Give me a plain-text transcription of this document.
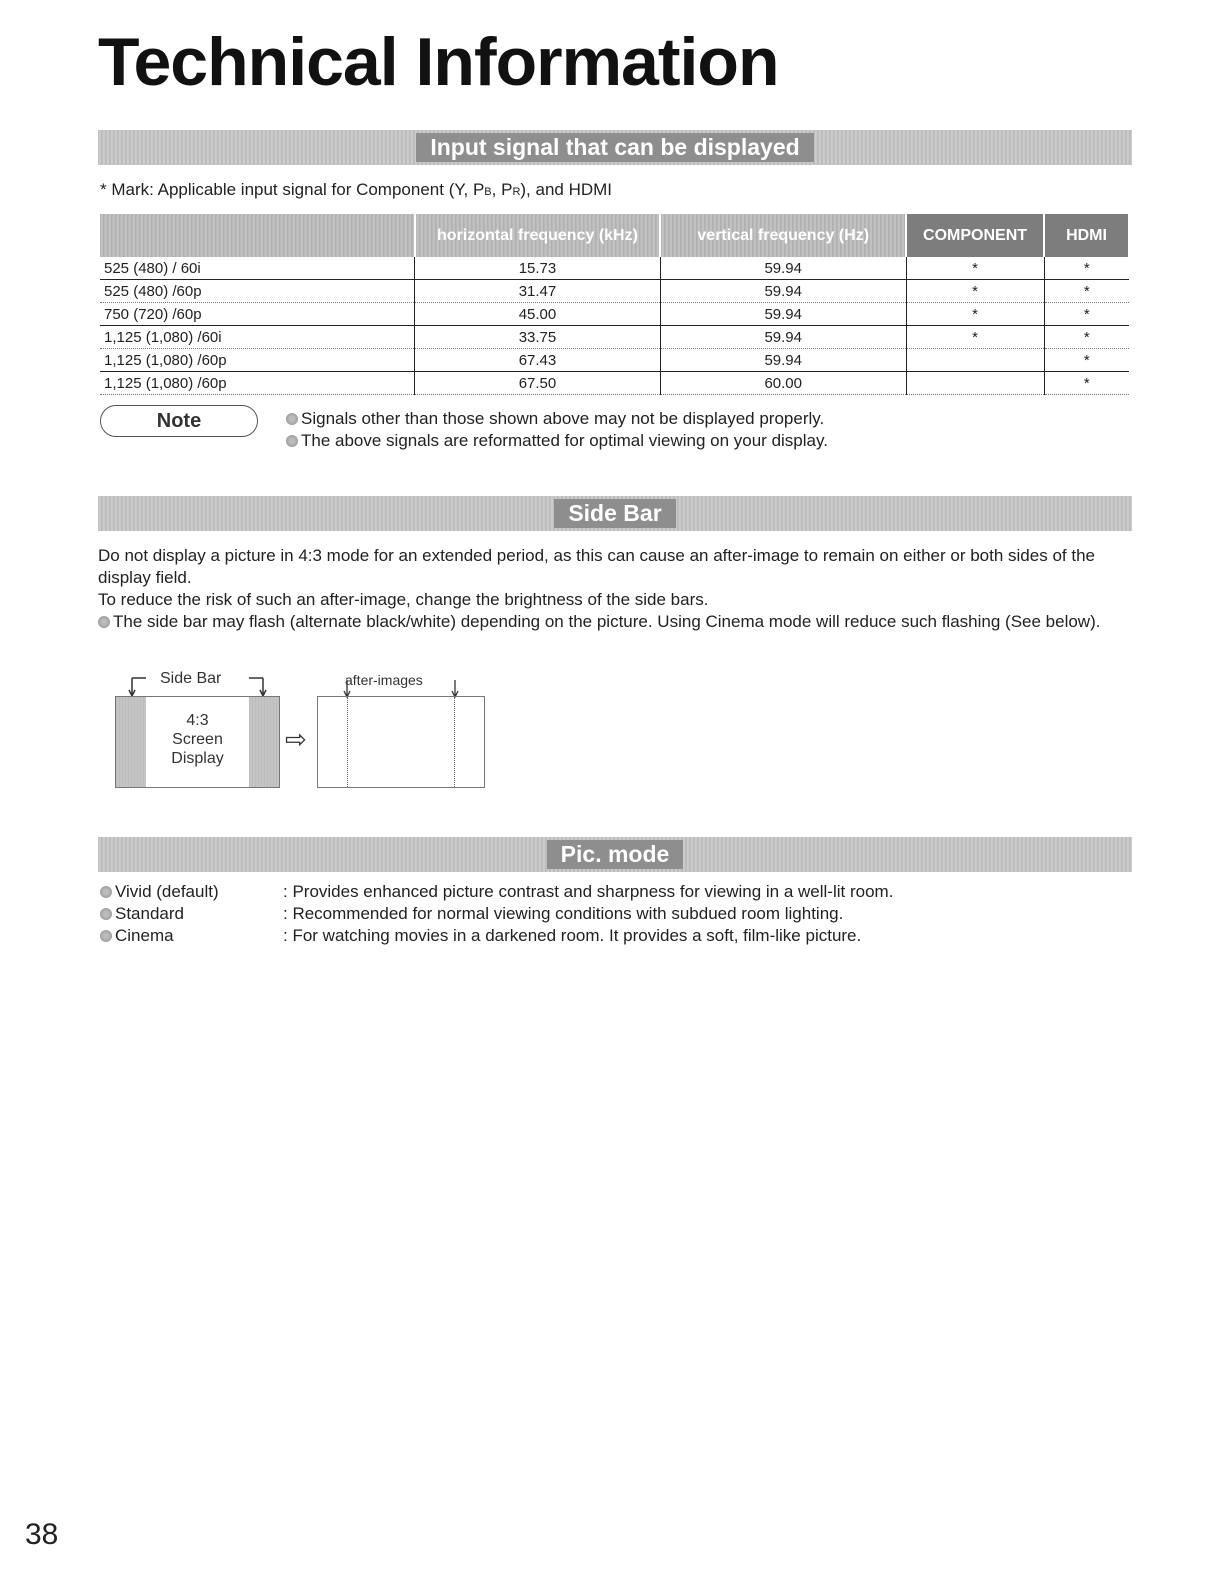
Technical Information
Input signal that can be displayed
* Mark: Applicable input signal for Component (Y, PB, PR), and HDMI
	horizontal frequency (kHz)	vertical frequency (Hz)	COMPONENT	HDMI
525 (480) / 60i	15.73	59.94	*	*
525 (480) /60p	31.47	59.94	*	*
750 (720) /60p	45.00	59.94	*	*
1,125 (1,080) /60i	33.75	59.94	*	*
1,125 (1,080) /60p	67.43	59.94		*
1,125 (1,080) /60p	67.50	60.00		*
Note	Signals other than those shown above may not be displayed properly.
The above signals are reformatted for optimal viewing on your display.
Side Bar
Do not display a picture in 4:3 mode for an extended period, as this can cause an after-image to remain on either or both sides of the display field.
To reduce the risk of such an after-image, change the brightness of the side bars.
The side bar may flash (alternate black/white) depending on the picture. Using Cinema mode will reduce such flashing (See below).
Side Bar
4:3
Screen
Display
⇨
after-images
Pic. mode
Vivid (default)	: Provides enhanced picture contrast and sharpness for viewing in a well-lit room.
Standard	: Recommended for normal viewing conditions with subdued room lighting.
Cinema	: For watching movies in a darkened room. It provides a soft, film-like picture.
38
